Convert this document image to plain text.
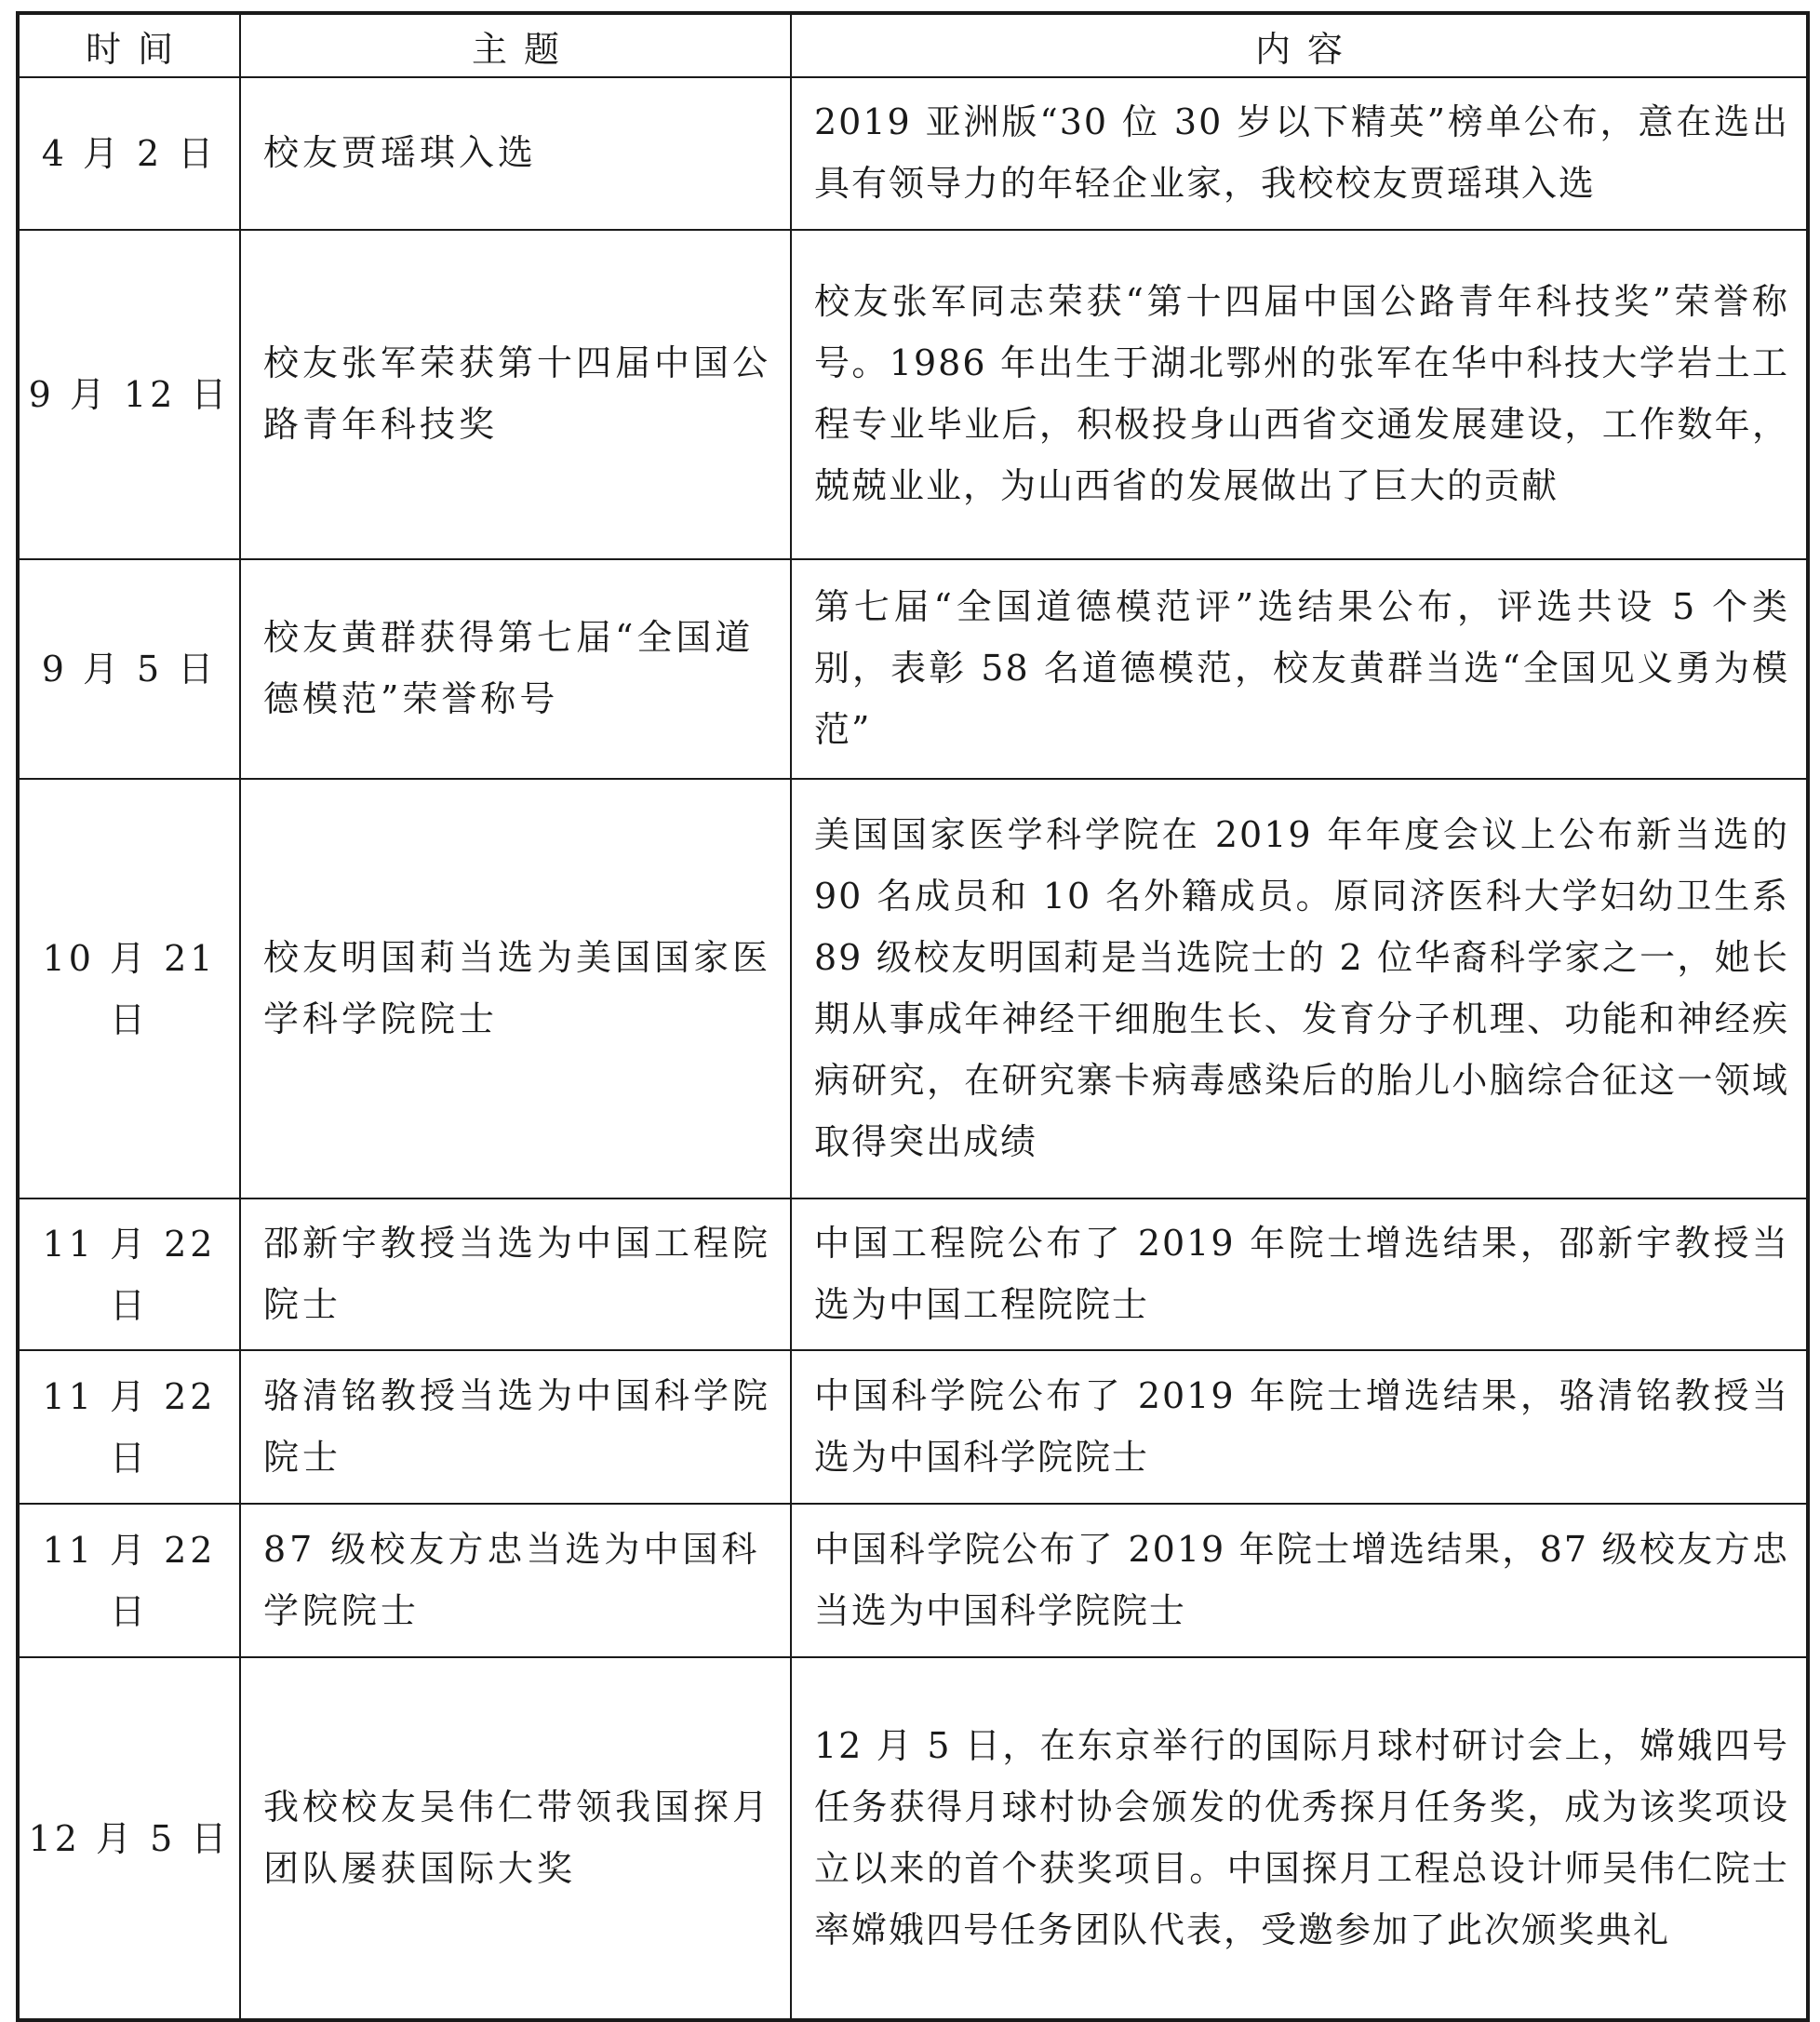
时间	主题	内容
4 月 2 日	校友贾瑶琪入选	2019 亚洲版“30 位 30 岁以下精英”榜单公布，意在选出具有领导力的年轻企业家，我校校友贾瑶琪入选
9 月 12 日	校友张军荣获第十四届中国公路青年科技奖	校友张军同志荣获“第十四届中国公路青年科技奖”荣誉称号。1986 年出生于湖北鄂州的张军在华中科技大学岩土工程专业毕业后，积极投身山西省交通发展建设，工作数年，兢兢业业，为山西省的发展做出了巨大的贡献
9 月 5 日	校友黄群获得第七届“全国道德模范”荣誉称号	第七届“全国道德模范评”选结果公布，评选共设 5 个类别，表彰 58 名道德模范，校友黄群当选“全国见义勇为模范”
10 月 21 日	校友明国莉当选为美国国家医学科学院院士	美国国家医学科学院在 2019 年年度会议上公布新当选的 90 名成员和 10 名外籍成员。原同济医科大学妇幼卫生系 89 级校友明国莉是当选院士的 2 位华裔科学家之一，她长期从事成年神经干细胞生长、发育分子机理、功能和神经疾病研究，在研究寨卡病毒感染后的胎儿小脑综合征这一领域取得突出成绩
11 月 22 日	邵新宇教授当选为中国工程院院士	中国工程院公布了 2019 年院士增选结果，邵新宇教授当选为中国工程院院士
11 月 22 日	骆清铭教授当选为中国科学院院士	中国科学院公布了 2019 年院士增选结果，骆清铭教授当选为中国科学院院士
11 月 22 日	87 级校友方忠当选为中国科学院院士	中国科学院公布了 2019 年院士增选结果，87 级校友方忠当选为中国科学院院士
12 月 5 日	我校校友吴伟仁带领我国探月团队屡获国际大奖	12 月 5 日，在东京举行的国际月球村研讨会上，嫦娥四号任务获得月球村协会颁发的优秀探月任务奖，成为该奖项设立以来的首个获奖项目。中国探月工程总设计师吴伟仁院士率嫦娥四号任务团队代表，受邀参加了此次颁奖典礼
